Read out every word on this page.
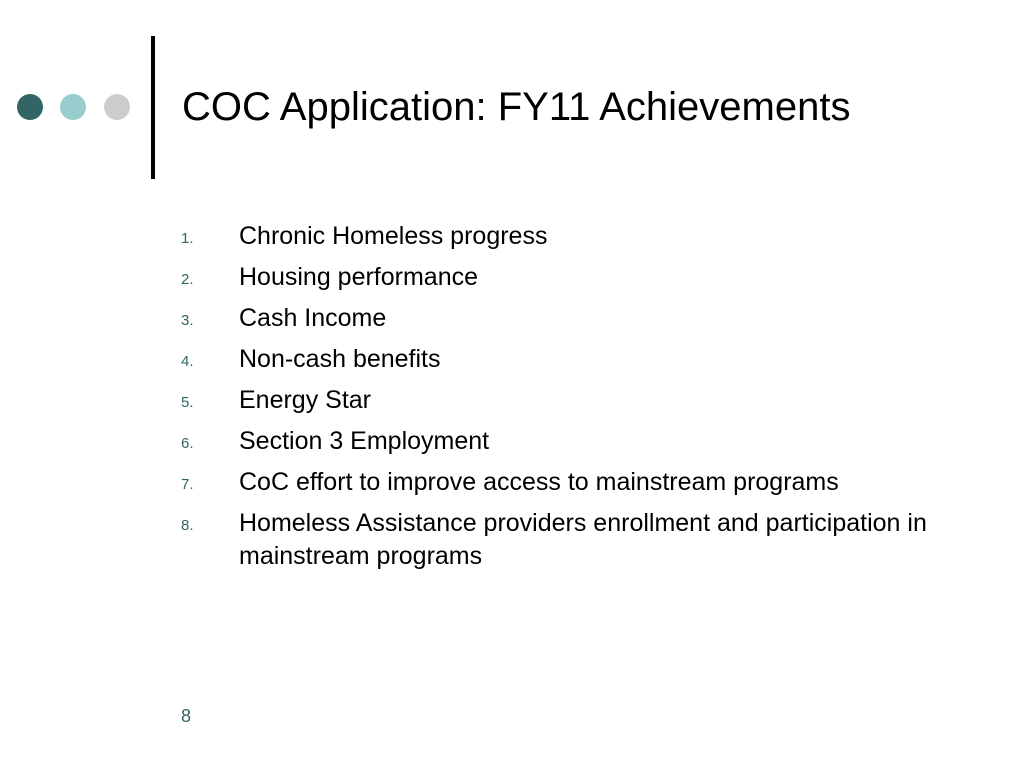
COC Application: FY11 Achievements
1. Chronic Homeless progress
2. Housing performance
3. Cash Income
4. Non-cash benefits
5. Energy Star
6. Section 3 Employment
7. CoC effort to improve access to mainstream programs
8. Homeless Assistance providers enrollment and participation in mainstream programs
8
